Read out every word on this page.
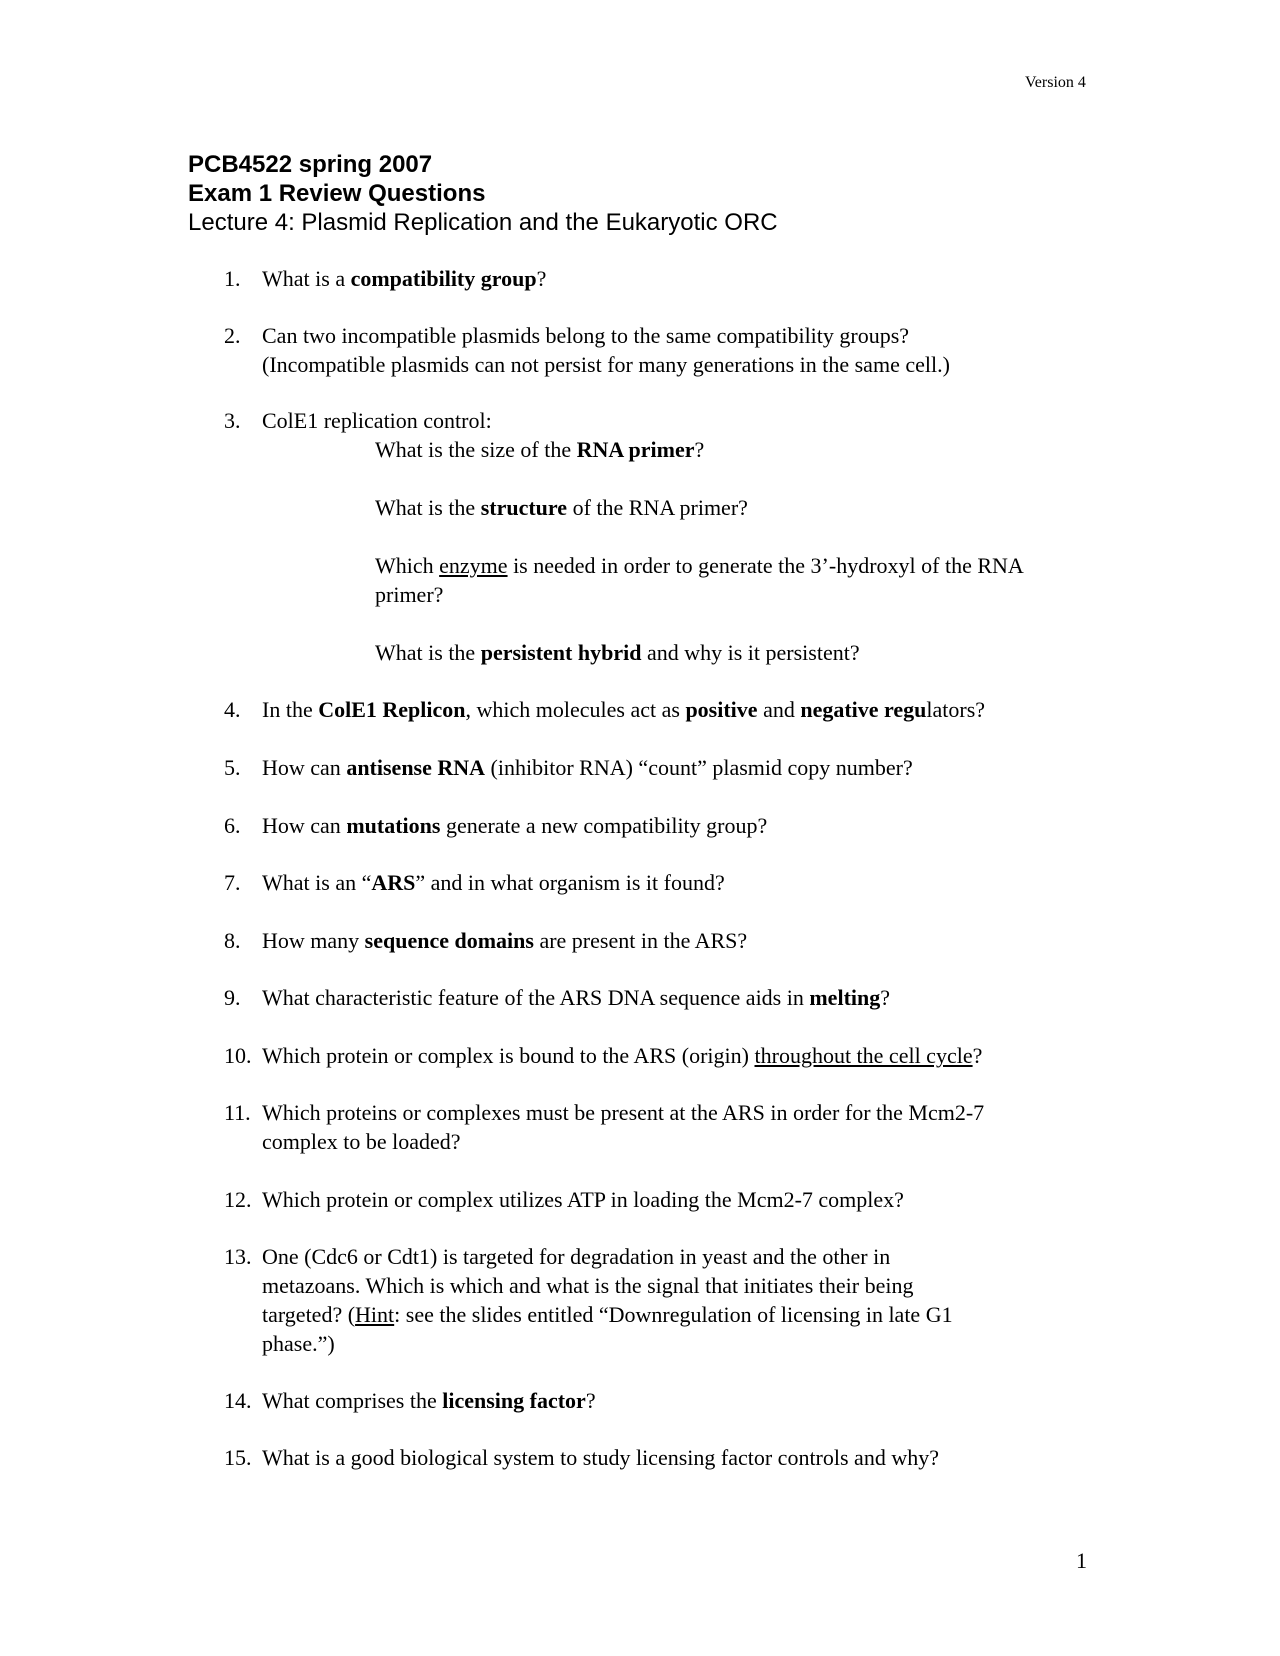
Version 4
PCB4522 spring 2007
Exam 1 Review Questions
Lecture 4: Plasmid Replication and the Eukaryotic ORC
1. What is a compatibility group?
2. Can two incompatible plasmids belong to the same compatibility groups?
(Incompatible plasmids can not persist for many generations in the same cell.)
3. ColE1 replication control:
What is the size of the RNA primer?
What is the structure of the RNA primer?
Which enzyme is needed in order to generate the 3’-hydroxyl of the RNA
primer?
What is the persistent hybrid and why is it persistent?
4. In the ColE1 Replicon, which molecules act as positive and negative regulators?
5. How can antisense RNA (inhibitor RNA) “count” plasmid copy number?
6. How can mutations generate a new compatibility group?
7. What is an “ARS” and in what organism is it found?
8. How many sequence domains are present in the ARS?
9. What characteristic feature of the ARS DNA sequence aids in melting?
10. Which protein or complex is bound to the ARS (origin) throughout the cell cycle?
11. Which proteins or complexes must be present at the ARS in order for the Mcm2-7
complex to be loaded?
12. Which protein or complex utilizes ATP in loading the Mcm2-7 complex?
13. One (Cdc6 or Cdt1) is targeted for degradation in yeast and the other in
metazoans. Which is which and what is the signal that initiates their being
targeted? (Hint: see the slides entitled “Downregulation of licensing in late G1
phase.”)
14. What comprises the licensing factor?
15. What is a good biological system to study licensing factor controls and why?
1
